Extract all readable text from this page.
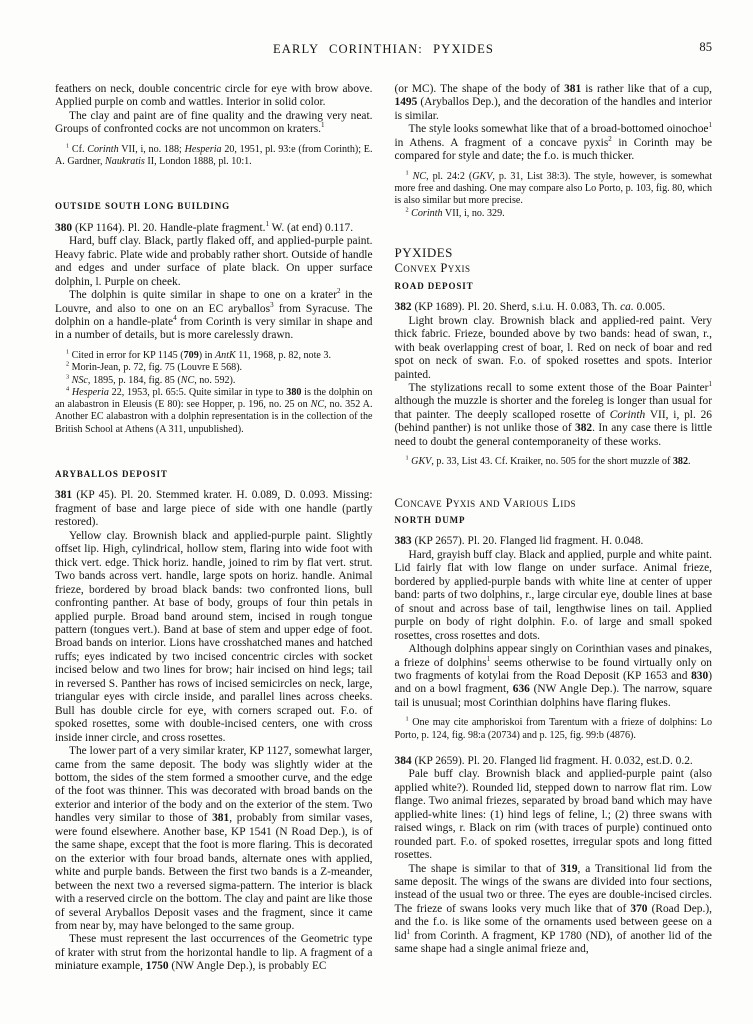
EARLY CORINTHIAN: PYXIDES	85

feathers on neck, double concentric circle for eye with brow above. Applied purple on comb and wattles. Interior in solid color.

The clay and paint are of fine quality and the drawing very neat. Groups of confronted cocks are not uncommon on kraters.$^1$

$^1$ Cf. Corinth VII, i, no. 188; Hesperia 20, 1951, pl. 93:e (from Corinth); E. A. Gardner, Naukratis II, London 1888, pl. 10:1.

OUTSIDE SOUTH LONG BUILDING

380 (KP 1164). Pl. 20. Handle-plate fragment.$^1$ W. (at end) 0.117.

Hard, buff clay. Black, partly flaked off, and applied-purple paint. Heavy fabric. Plate wide and probably rather short. Outside of handle and edges and under surface of plate black. On upper surface dolphin, l. Purple on cheek.

The dolphin is quite similar in shape to one on a krater$^2$ in the Louvre, and also to one on an EC aryballos$^3$ from Syracuse. The dolphin on a handle-plate$^4$ from Corinth is very similar in shape and in a number of details, but is more carelessly drawn.

$^1$ Cited in error for KP 1145 (709) in AntK 11, 1968, p. 82, note 3.

$^2$ Morin-Jean, p. 72, fig. 75 (Louvre E 568).

$^3$ NSc, 1895, p. 184, fig. 85 (NC, no. 592).

$^4$ Hesperia 22, 1953, pl. 65:5. Quite similar in type to 380 is the dolphin on an alabastron in Eleusis (E 80): see Hopper, p. 196, no. 25 on NC, no. 352 A. Another EC alabastron with a dolphin representation is in the collection of the British School at Athens (A 311, unpublished).

ARYBALLOS DEPOSIT

381 (KP 45). Pl. 20. Stemmed krater. H. 0.089, D. 0.093. Missing: fragment of base and large piece of side with one handle (partly restored).

Yellow clay. Brownish black and applied-purple paint. Slightly offset lip. High, cylindrical, hollow stem, flaring into wide foot with thick vert. edge. Thick horiz. handle, joined to rim by flat vert. strut. Two bands across vert. handle, large spots on horiz. handle. Animal frieze, bordered by broad black bands: two confronted lions, bull confronting panther. At base of body, groups of four thin petals in applied purple. Broad band around stem, incised in rough tongue pattern (tongues vert.). Band at base of stem and upper edge of foot. Broad bands on interior. Lions have crosshatched manes and hatched ruffs; eyes indicated by two incised concentric circles with socket incised below and two lines for brow; hair incised on hind legs; tail in reversed S. Panther has rows of incised semicircles on neck, large, triangular eyes with circle inside, and parallel lines across cheeks. Bull has double circle for eye, with corners scraped out. F.o. of spoked rosettes, some with double-incised centers, one with cross inside inner circle, and cross rosettes.

The lower part of a very similar krater, KP 1127, somewhat larger, came from the same deposit. The body was slightly wider at the bottom, the sides of the stem formed a smoother curve, and the edge of the foot was thinner. This was decorated with broad bands on the exterior and interior of the body and on the exterior of the stem. Two handles very similar to those of 381, probably from similar vases, were found elsewhere. Another base, KP 1541 (N Road Dep.), is of the same shape, except that the foot is more flaring. This is decorated on the exterior with four broad bands, alternate ones with applied, white and purple bands. Between the first two bands is a Z-meander, between the next two a reversed sigma-pattern. The interior is black with a reserved circle on the bottom. The clay and paint are like those of several Aryballos Deposit vases and the fragment, since it came from near by, may have belonged to the same group.

These must represent the last occurrences of the Geometric type of krater with strut from the horizontal handle to lip. A fragment of a miniature example, 1750 (NW Angle Dep.), is probably EC

(or MC). The shape of the body of 381 is rather like that of a cup, 1495 (Aryballos Dep.), and the decoration of the handles and interior is similar.

The style looks somewhat like that of a broad-bottomed oinochoe$^1$ in Athens. A fragment of a concave pyxis$^2$ in Corinth may be compared for style and date; the f.o. is much thicker.

$^1$ NC, pl. 24:2 (GKV, p. 31, List 38:3). The style, however, is somewhat more free and dashing. One may compare also Lo Porto, p. 103, fig. 80, which is also similar but more precise.

$^2$ Corinth VII, i, no. 329.

PYXIDES

Convex Pyxis

ROAD DEPOSIT

382 (KP 1689). Pl. 20. Sherd, s.i.u. H. 0.083, Th. ca. 0.005.

Light brown clay. Brownish black and applied-red paint. Very thick fabric. Frieze, bounded above by two bands: head of swan, r., with beak overlapping crest of boar, l. Red on neck of boar and red spot on neck of swan. F.o. of spoked rosettes and spots. Interior painted.

The stylizations recall to some extent those of the Boar Painter$^1$ although the muzzle is shorter and the foreleg is longer than usual for that painter. The deeply scalloped rosette of Corinth VII, i, pl. 26 (behind panther) is not unlike those of 382. In any case there is little need to doubt the general contemporaneity of these works.

$^1$ GKV, p. 33, List 43. Cf. Kraiker, no. 505 for the short muzzle of 382.

Concave Pyxis and Various Lids

NORTH DUMP

383 (KP 2657). Pl. 20. Flanged lid fragment. H. 0.048.

Hard, grayish buff clay. Black and applied, purple and white paint. Lid fairly flat with low flange on under surface. Animal frieze, bordered by applied-purple bands with white line at center of upper band: parts of two dolphins, r., large circular eye, double lines at base of snout and across base of tail, lengthwise lines on tail. Applied purple on body of right dolphin. F.o. of large and small spoked rosettes, cross rosettes and dots.

Although dolphins appear singly on Corinthian vases and pinakes, a frieze of dolphins$^1$ seems otherwise to be found virtually only on two fragments of kotylai from the Road Deposit (KP 1653 and 830) and on a bowl fragment, 636 (NW Angle Dep.). The narrow, square tail is unusual; most Corinthian dolphins have flaring flukes.

$^1$ One may cite amphoriskoi from Tarentum with a frieze of dolphins: Lo Porto, p. 124, fig. 98:a (20734) and p. 125, fig. 99:b (4876).

384 (KP 2659). Pl. 20. Flanged lid fragment. H. 0.032, est.D. 0.2.

Pale buff clay. Brownish black and applied-purple paint (also applied white?). Rounded lid, stepped down to narrow flat rim. Low flange. Two animal friezes, separated by broad band which may have applied-white lines: (1) hind legs of feline, l.; (2) three swans with raised wings, r. Black on rim (with traces of purple) continued onto rounded part. F.o. of spoked rosettes, irregular spots and long fitted rosettes.

The shape is similar to that of 319, a Transitional lid from the same deposit. The wings of the swans are divided into four sections, instead of the usual two or three. The eyes are double-incised circles. The frieze of swans looks very much like that of 370 (Road Dep.), and the f.o. is like some of the ornaments used between geese on a lid$^1$ from Corinth. A fragment, KP 1780 (ND), of another lid of the same shape had a single animal frieze and,
